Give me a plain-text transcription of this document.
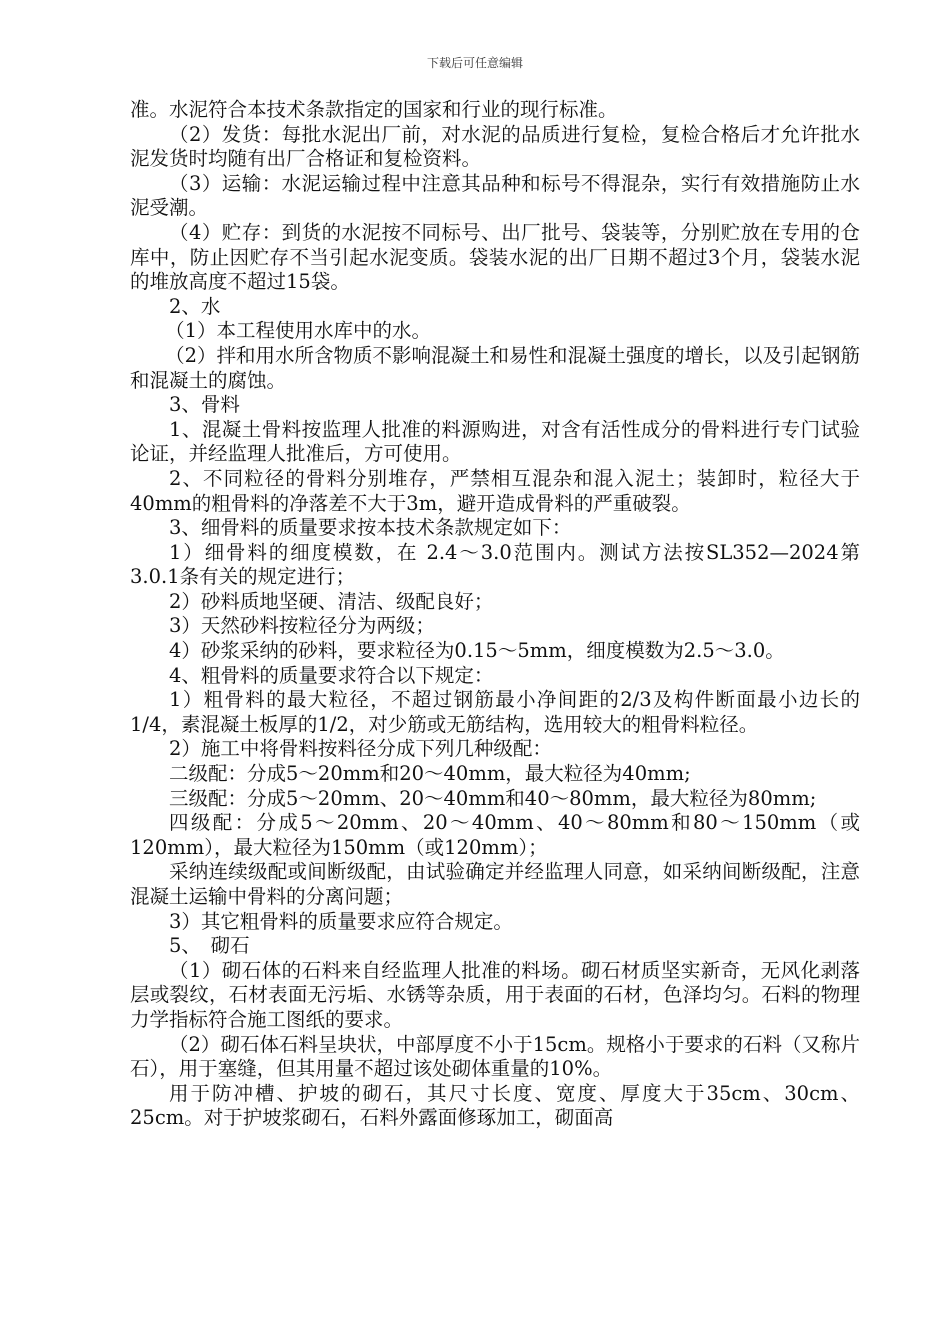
下载后可任意编辑

准。水泥符合本技术条款指定的国家和行业的现行标准。

（2）发货：每批水泥出厂前，对水泥的品质进行复检，复检合格后才允许批水泥发货时均随有出厂合格证和复检资料。

（3）运输：水泥运输过程中注意其品种和标号不得混杂，实行有效措施防止水泥受潮。

（4）贮存：到货的水泥按不同标号、出厂批号、袋装等，分别贮放在专用的仓库中，防止因贮存不当引起水泥变质。袋装水泥的出厂日期不超过3个月，袋装水泥的堆放高度不超过15袋。

2、水

（1）本工程使用水库中的水。

（2）拌和用水所含物质不影响混凝土和易性和混凝土强度的增长，以及引起钢筋和混凝土的腐蚀。

3、骨料

1、混凝土骨料按监理人批准的料源购进，对含有活性成分的骨料进行专门试验论证，并经监理人批准后，方可使用。

2、不同粒径的骨料分别堆存，严禁相互混杂和混入泥土；装卸时，粒径大于40mm的粗骨料的净落差不大于3m，避开造成骨料的严重破裂。

3、细骨料的质量要求按本技术条款规定如下：

1）细骨料的细度模数，在 2.4～3.0范围内。测试方法按SL352—2024第3.0.1条有关的规定进行；

2）砂料质地坚硬、清洁、级配良好；

3）天然砂料按粒径分为两级；

4）砂浆采纳的砂料，要求粒径为0.15～5mm，细度模数为2.5～3.0。

4、粗骨料的质量要求符合以下规定：

1）粗骨料的最大粒径，不超过钢筋最小净间距的2/3及构件断面最小边长的1/4，素混凝土板厚的1/2，对少筋或无筋结构，选用较大的粗骨料粒径。

2）施工中将骨料按料径分成下列几种级配：

二级配：分成5～20mm和20～40mm，最大粒径为40mm;

三级配：分成5～20mm、20～40mm和40～80mm，最大粒径为80mm;

四级配：分成5～20mm、20～40mm、40～80mm和80～150mm（或120mm），最大粒径为150mm（或120mm）；

采纳连续级配或间断级配，由试验确定并经监理人同意，如采纳间断级配，注意混凝土运输中骨料的分离问题；

3）其它粗骨料的质量要求应符合规定。

5、　砌石

（1）砌石体的石料来自经监理人批准的料场。砌石材质坚实新奇，无风化剥落层或裂纹，石材表面无污垢、水锈等杂质，用于表面的石材，色泽均匀。石料的物理力学指标符合施工图纸的要求。

（2）砌石体石料呈块状，中部厚度不小于15cm。规格小于要求的石料（又称片石），用于塞缝，但其用量不超过该处砌体重量的10%。

用于防冲槽、护坡的砌石，其尺寸长度、宽度、厚度大于35cm、30cm、25cm。对于护坡浆砌石，石料外露面修琢加工，砌面高
